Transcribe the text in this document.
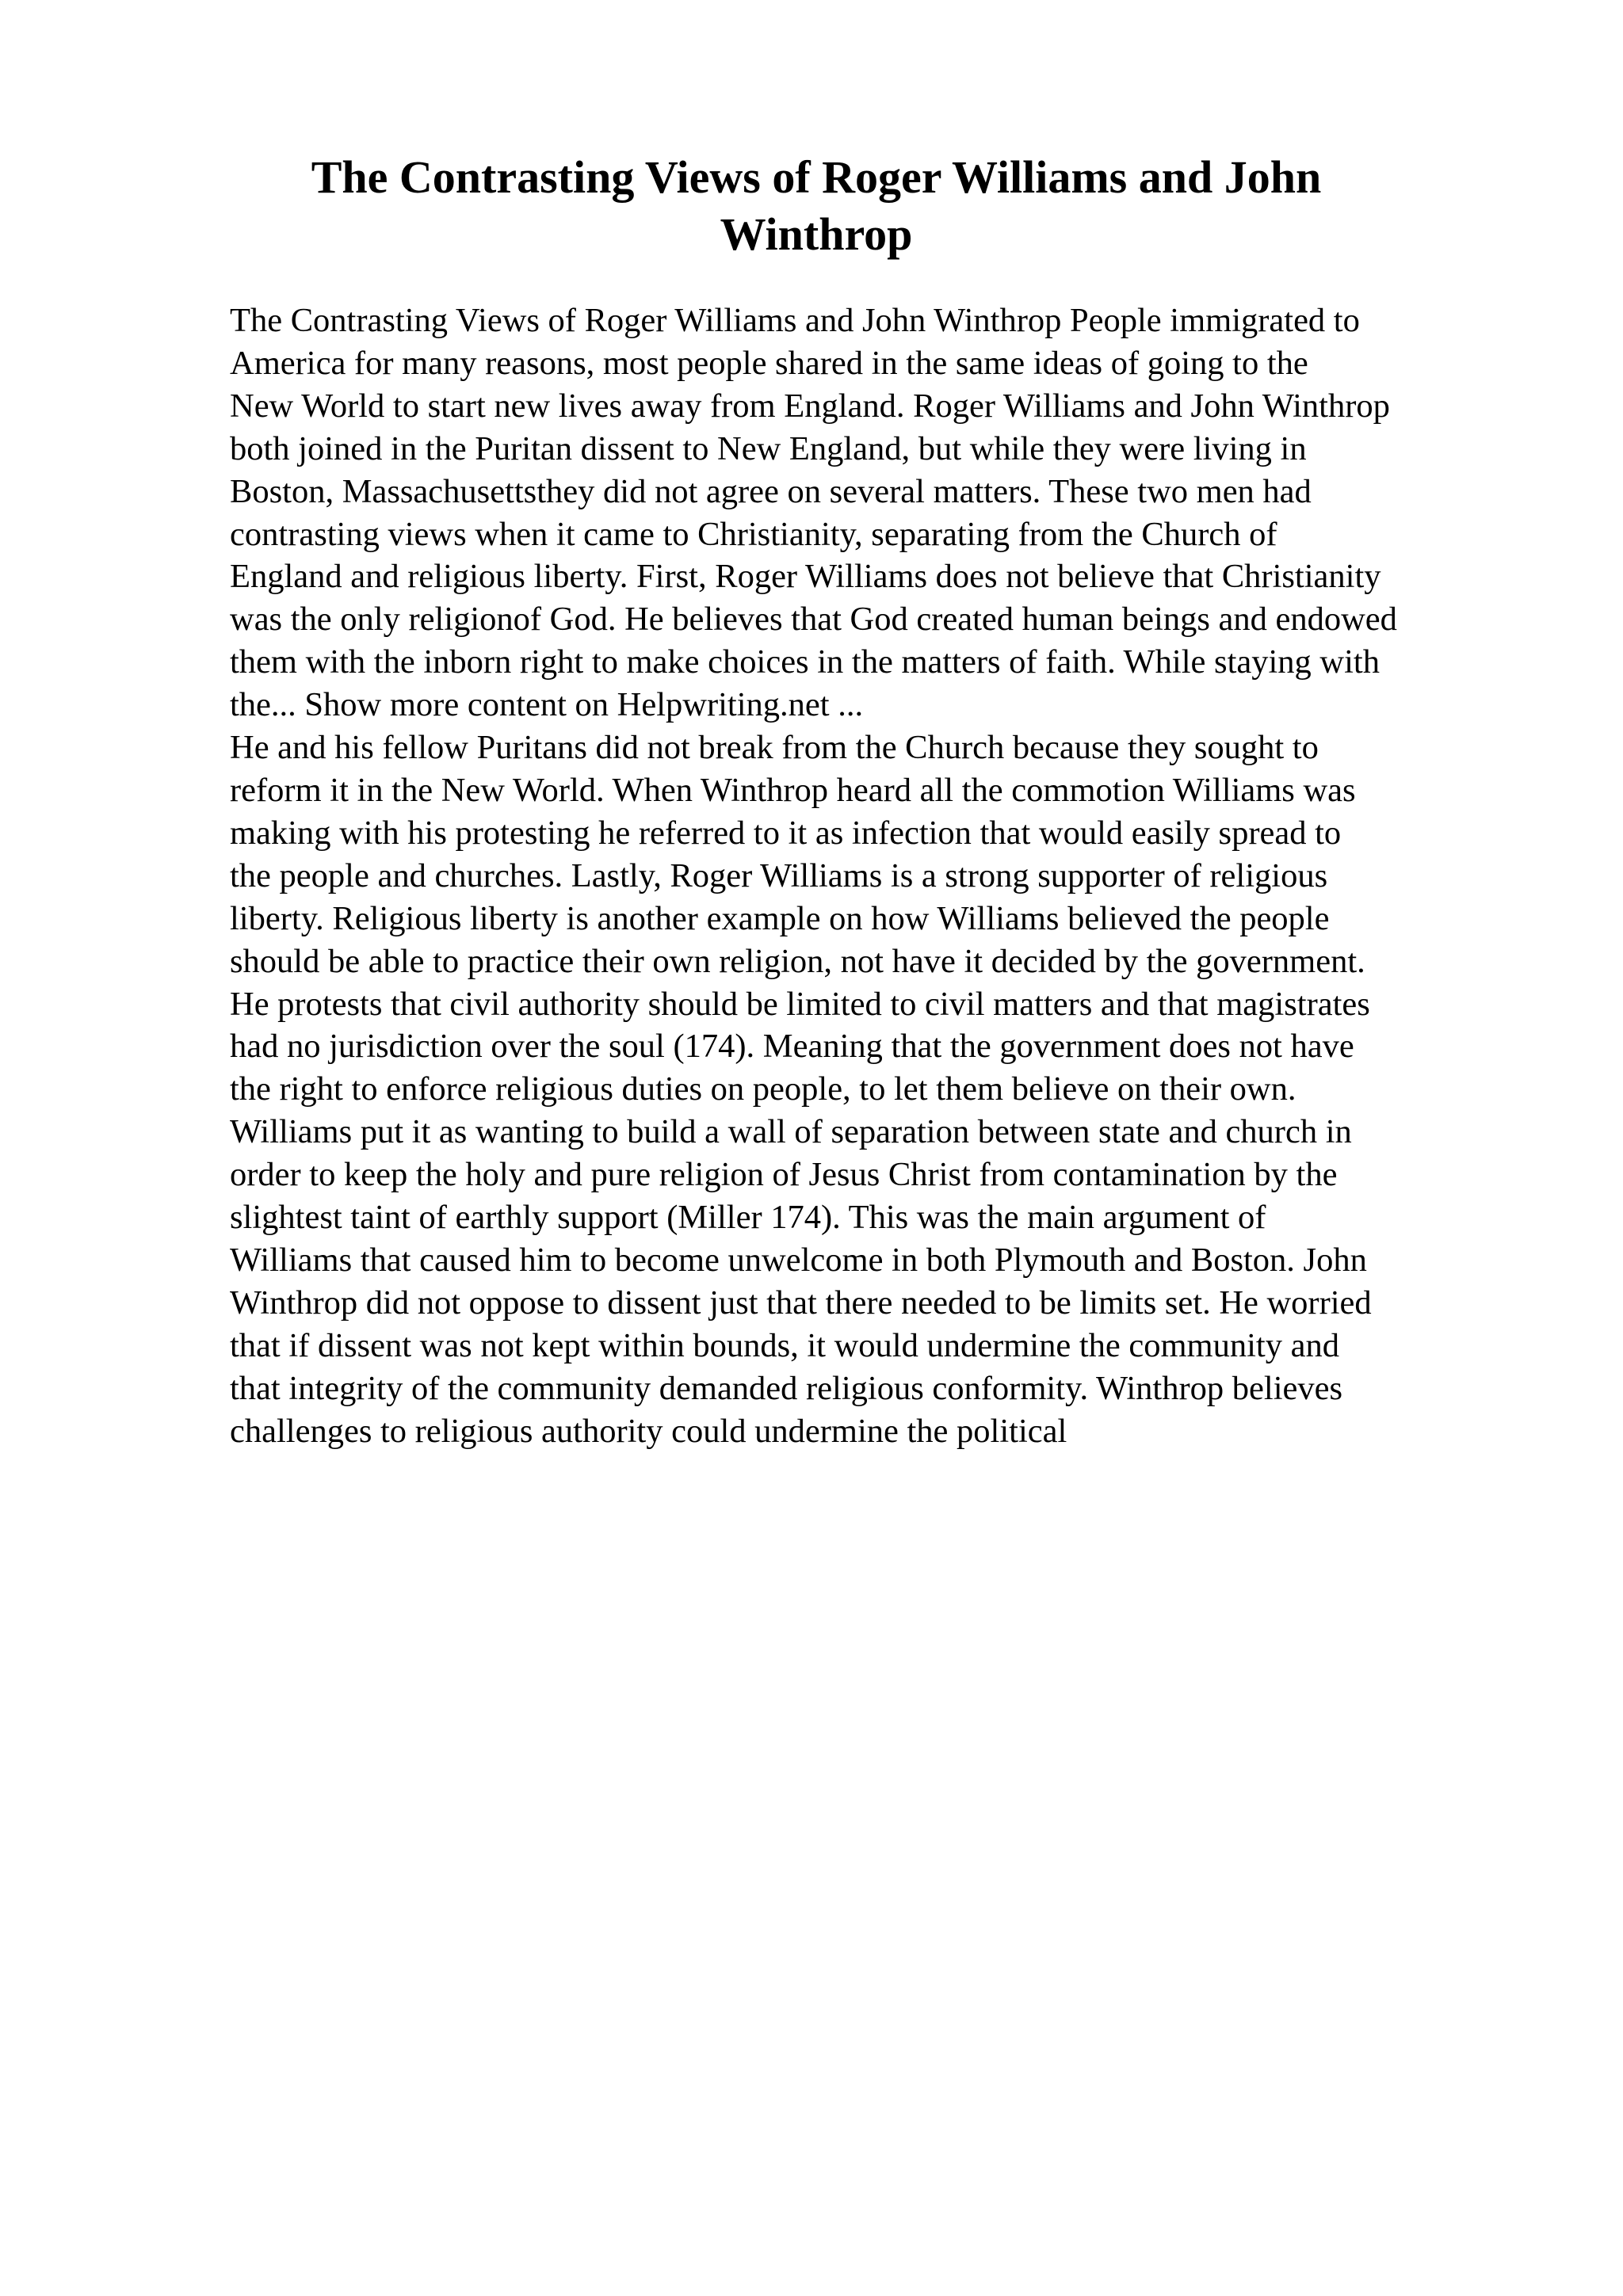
The Contrasting Views of Roger Williams and John Winthrop
The Contrasting Views of Roger Williams and John Winthrop People immigrated to
America for many reasons, most people shared in the same ideas of going to the
New World to start new lives away from England. Roger Williams and John Winthrop
both joined in the Puritan dissent to New England, but while they were living in
Boston, Massachusettsthey did not agree on several matters. These two men had
contrasting views when it came to Christianity, separating from the Church of
England and religious liberty. First, Roger Williams does not believe that Christianity
was the only religionof God. He believes that God created human beings and endowed
them with the inborn right to make choices in the matters of faith. While staying with
the... Show more content on Helpwriting.net ...
He and his fellow Puritans did not break from the Church because they sought to
reform it in the New World. When Winthrop heard all the commotion Williams was
making with his protesting he referred to it as infection that would easily spread to
the people and churches. Lastly, Roger Williams is a strong supporter of religious
liberty. Religious liberty is another example on how Williams believed the people
should be able to practice their own religion, not have it decided by the government.
He protests that civil authority should be limited to civil matters and that magistrates
had no jurisdiction over the soul (174). Meaning that the government does not have
the right to enforce religious duties on people, to let them believe on their own.
Williams put it as wanting to build a wall of separation between state and church in
order to keep the holy and pure religion of Jesus Christ from contamination by the
slightest taint of earthly support (Miller 174). This was the main argument of
Williams that caused him to become unwelcome in both Plymouth and Boston. John
Winthrop did not oppose to dissent just that there needed to be limits set. He worried
that if dissent was not kept within bounds, it would undermine the community and
that integrity of the community demanded religious conformity. Winthrop believes
challenges to religious authority could undermine the political
